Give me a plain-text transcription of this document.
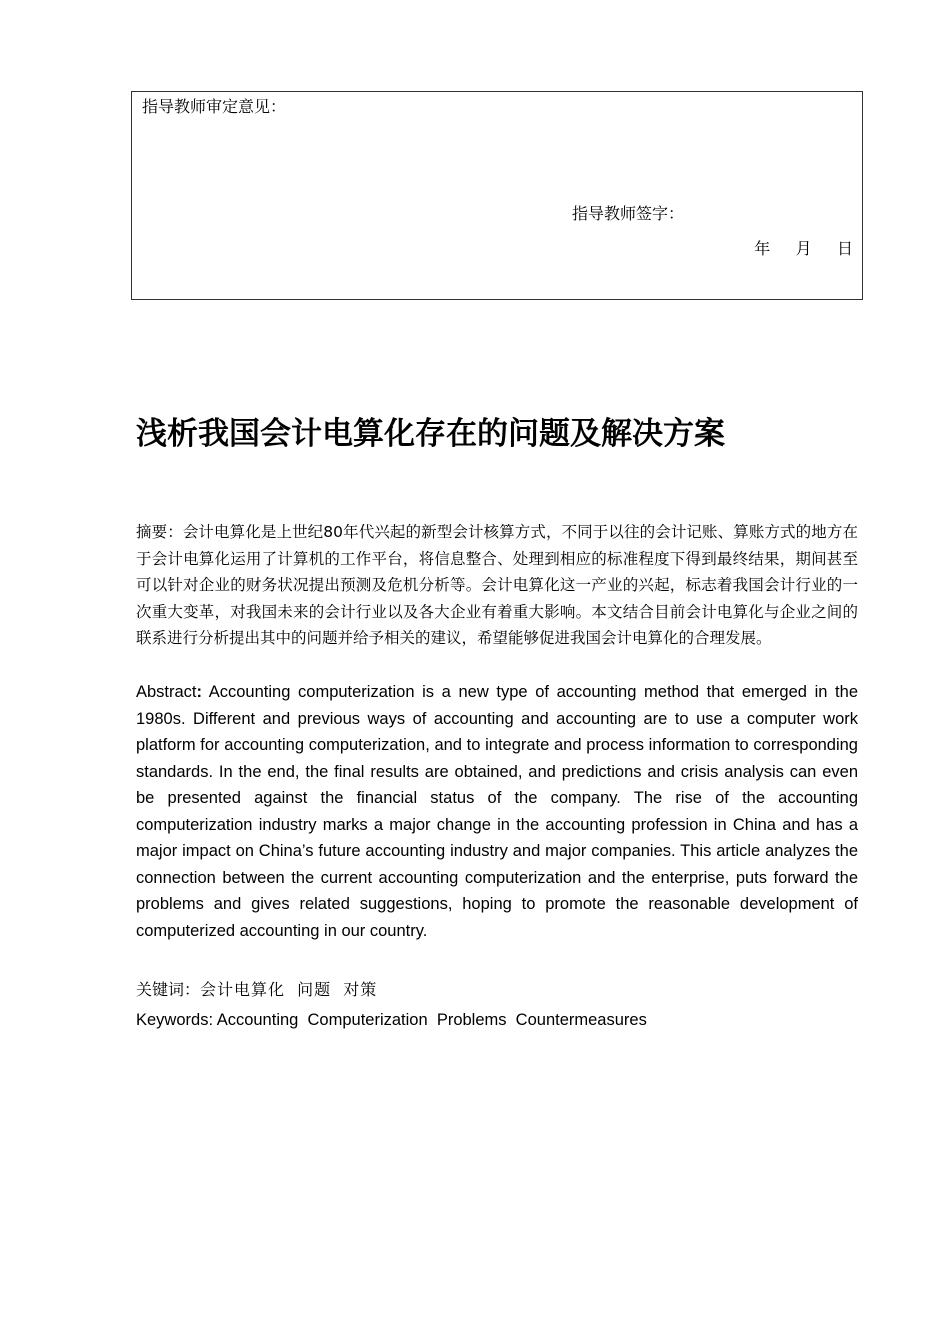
指导教师审定意见：
指导教师签字：
年    月    日
浅析我国会计电算化存在的问题及解决方案

摘要：会计电算化是上世纪80年代兴起的新型会计核算方式，不同于以往的会计记账、算账方式的地方在于会计电算化运用了计算机的工作平台，将信息整合、处理到相应的标准程度下得到最终结果，期间甚至可以针对企业的财务状况提出预测及危机分析等。会计电算化这一产业的兴起，标志着我国会计行业的一次重大变革，对我国未来的会计行业以及各大企业有着重大影响。本文结合目前会计电算化与企业之间的联系进行分析提出其中的问题并给予相关的建议，希望能够促进我国会计电算化的合理发展。

Abstract: Accounting computerization is a new type of accounting method that emerged in the 1980s. Different and previous ways of accounting and accounting are to use a computer work platform for accounting computerization, and to integrate and process information to corresponding standards. In the end, the final results are obtained, and predictions and crisis analysis can even be presented against the financial status of the company. The rise of the accounting computerization industry marks a major change in the accounting profession in China and has a major impact on China’s future accounting industry and major companies. This article analyzes the connection between the current accounting computerization and the enterprise, puts forward the problems and gives related suggestions, hoping to promote the reasonable development of computerized accounting in our country.

关键词：会计电算化 问题 对策

Keywords: Accounting  Computerization  Problems  Countermeasures
